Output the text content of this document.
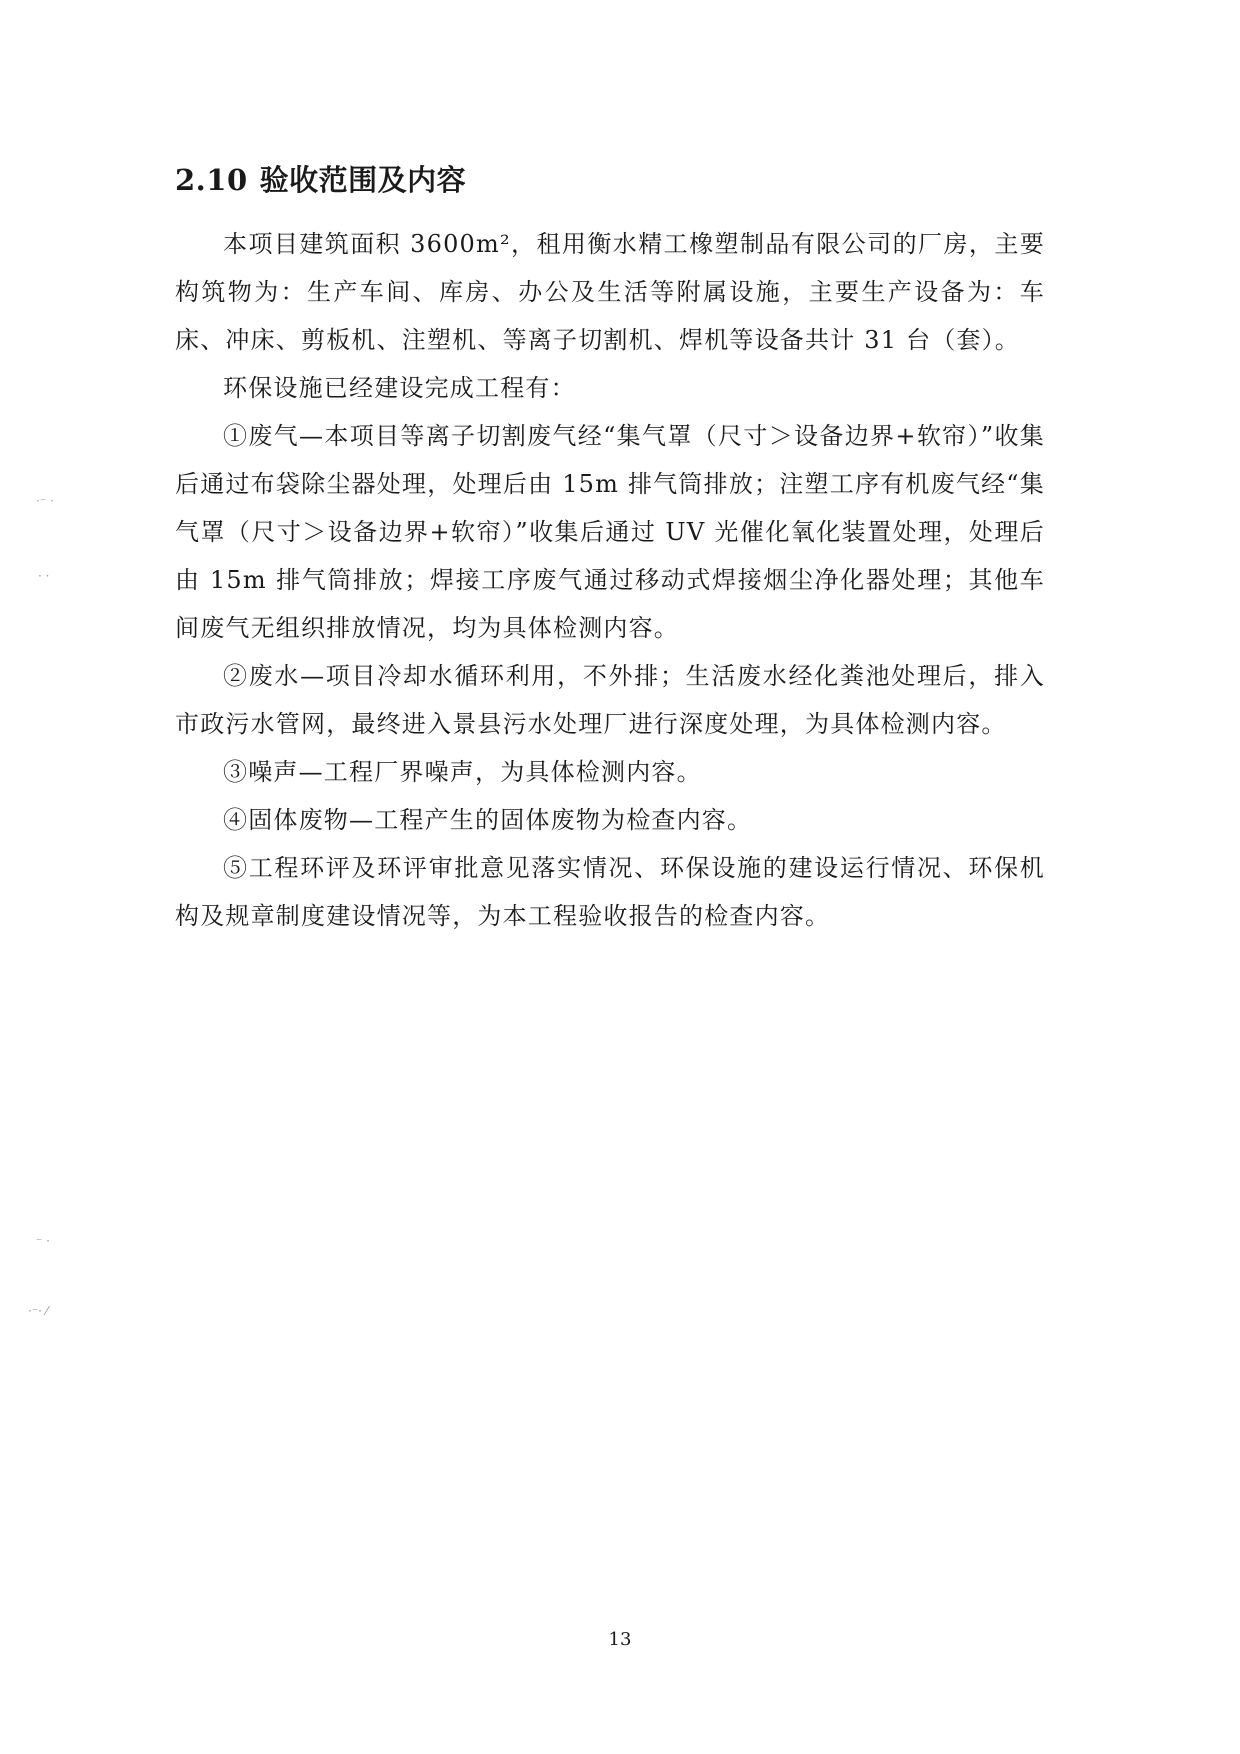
2.10 验收范围及内容

本项目建筑面积 3600m²，租用衡水精工橡塑制品有限公司的厂房，主要构筑物为：生产车间、库房、办公及生活等附属设施，主要生产设备为：车床、冲床、剪板机、注塑机、等离子切割机、焊机等设备共计 31 台（套）。

环保设施已经建设完成工程有：

①废气—本项目等离子切割废气经“集气罩（尺寸＞设备边界+软帘）”收集后通过布袋除尘器处理，处理后由 15m 排气筒排放；注塑工序有机废气经“集气罩（尺寸＞设备边界+软帘）”收集后通过 UV 光催化氧化装置处理，处理后由 15m 排气筒排放；焊接工序废气通过移动式焊接烟尘净化器处理；其他车间废气无组织排放情况，均为具体检测内容。

②废水—项目冷却水循环利用，不外排；生活废水经化粪池处理后，排入市政污水管网，最终进入景县污水处理厂进行深度处理，为具体检测内容。

③噪声—工程厂界噪声，为具体检测内容。

④固体废物—工程产生的固体废物为检查内容。

⑤工程环评及环评审批意见落实情况、环保设施的建设运行情况、环保机构及规章制度建设情况等，为本工程验收报告的检查内容。

13
·⁻ ·
· ·
⁻ ·
·⁻· ⁄
